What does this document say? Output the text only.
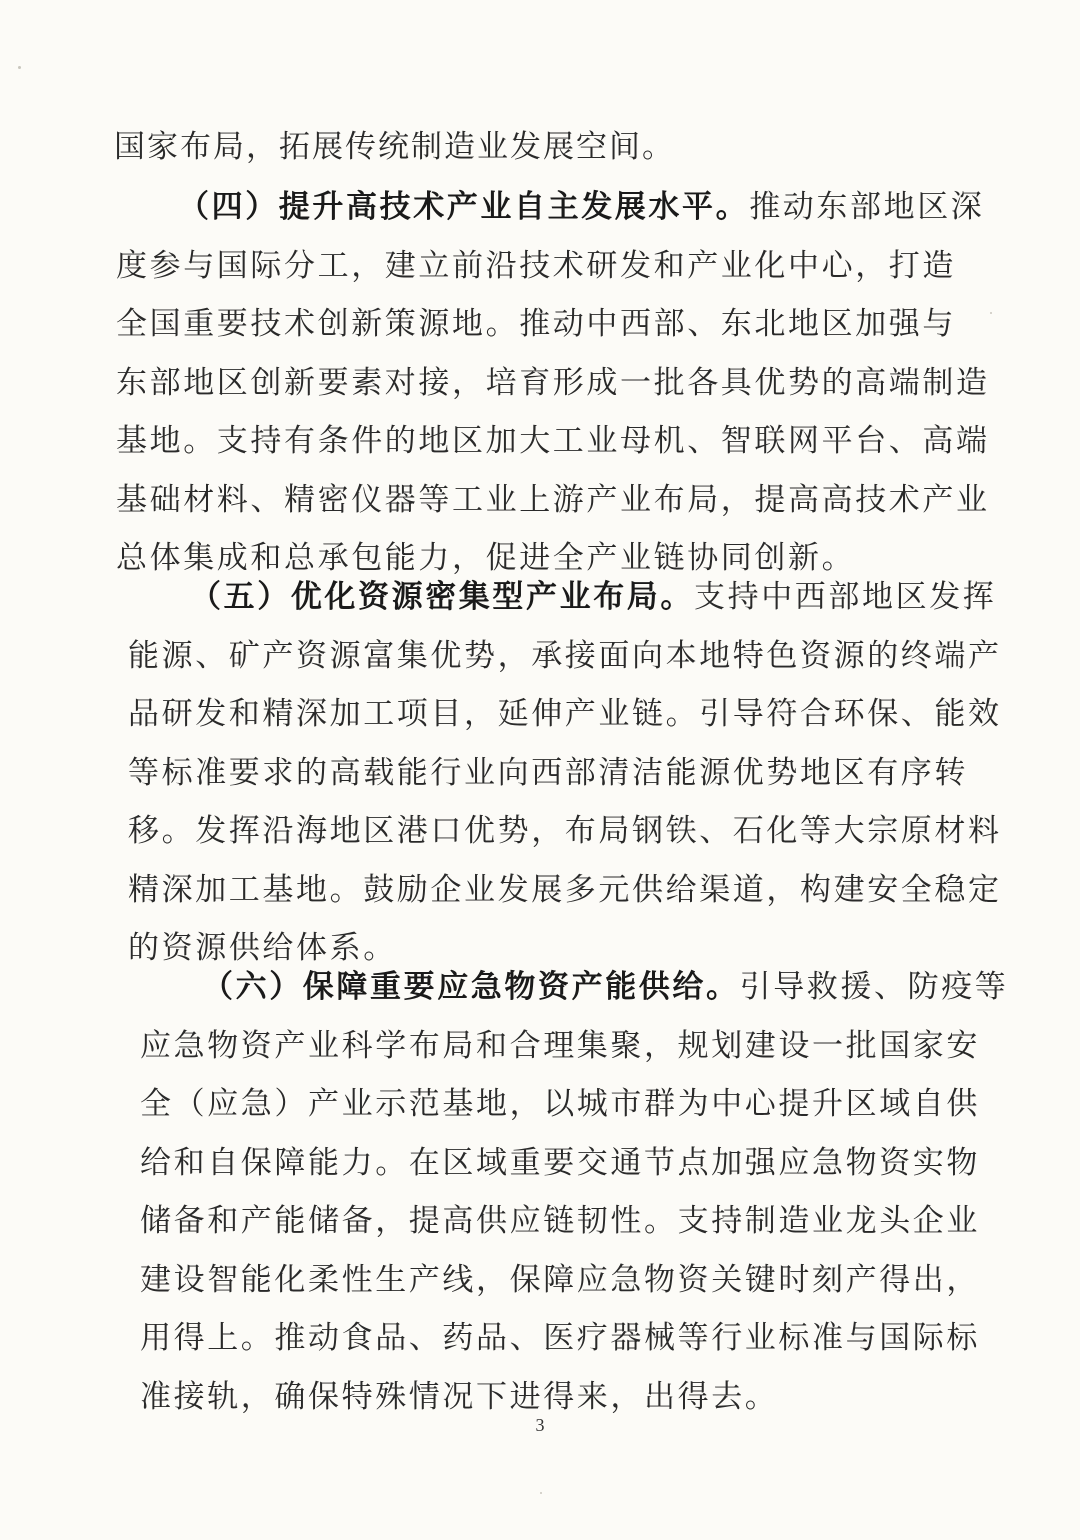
国家布局，拓展传统制造业发展空间。
（四）提升高技术产业自主发展水平。推动东部地区深
度参与国际分工，建立前沿技术研发和产业化中心，打造
全国重要技术创新策源地。推动中西部、东北地区加强与
东部地区创新要素对接，培育形成一批各具优势的高端制造
基地。支持有条件的地区加大工业母机、智联网平台、高端
基础材料、精密仪器等工业上游产业布局，提高高技术产业
总体集成和总承包能力，促进全产业链协同创新。
（五）优化资源密集型产业布局。支持中西部地区发挥
能源、矿产资源富集优势，承接面向本地特色资源的终端产
品研发和精深加工项目，延伸产业链。引导符合环保、能效
等标准要求的高载能行业向西部清洁能源优势地区有序转
移。发挥沿海地区港口优势，布局钢铁、石化等大宗原材料
精深加工基地。鼓励企业发展多元供给渠道，构建安全稳定
的资源供给体系。
（六）保障重要应急物资产能供给。引导救援、防疫等
应急物资产业科学布局和合理集聚，规划建设一批国家安
全（应急）产业示范基地，以城市群为中心提升区域自供
给和自保障能力。在区域重要交通节点加强应急物资实物
储备和产能储备，提高供应链韧性。支持制造业龙头企业
建设智能化柔性生产线，保障应急物资关键时刻产得出，
用得上。推动食品、药品、医疗器械等行业标准与国际标
准接轨，确保特殊情况下进得来，出得去。
3
